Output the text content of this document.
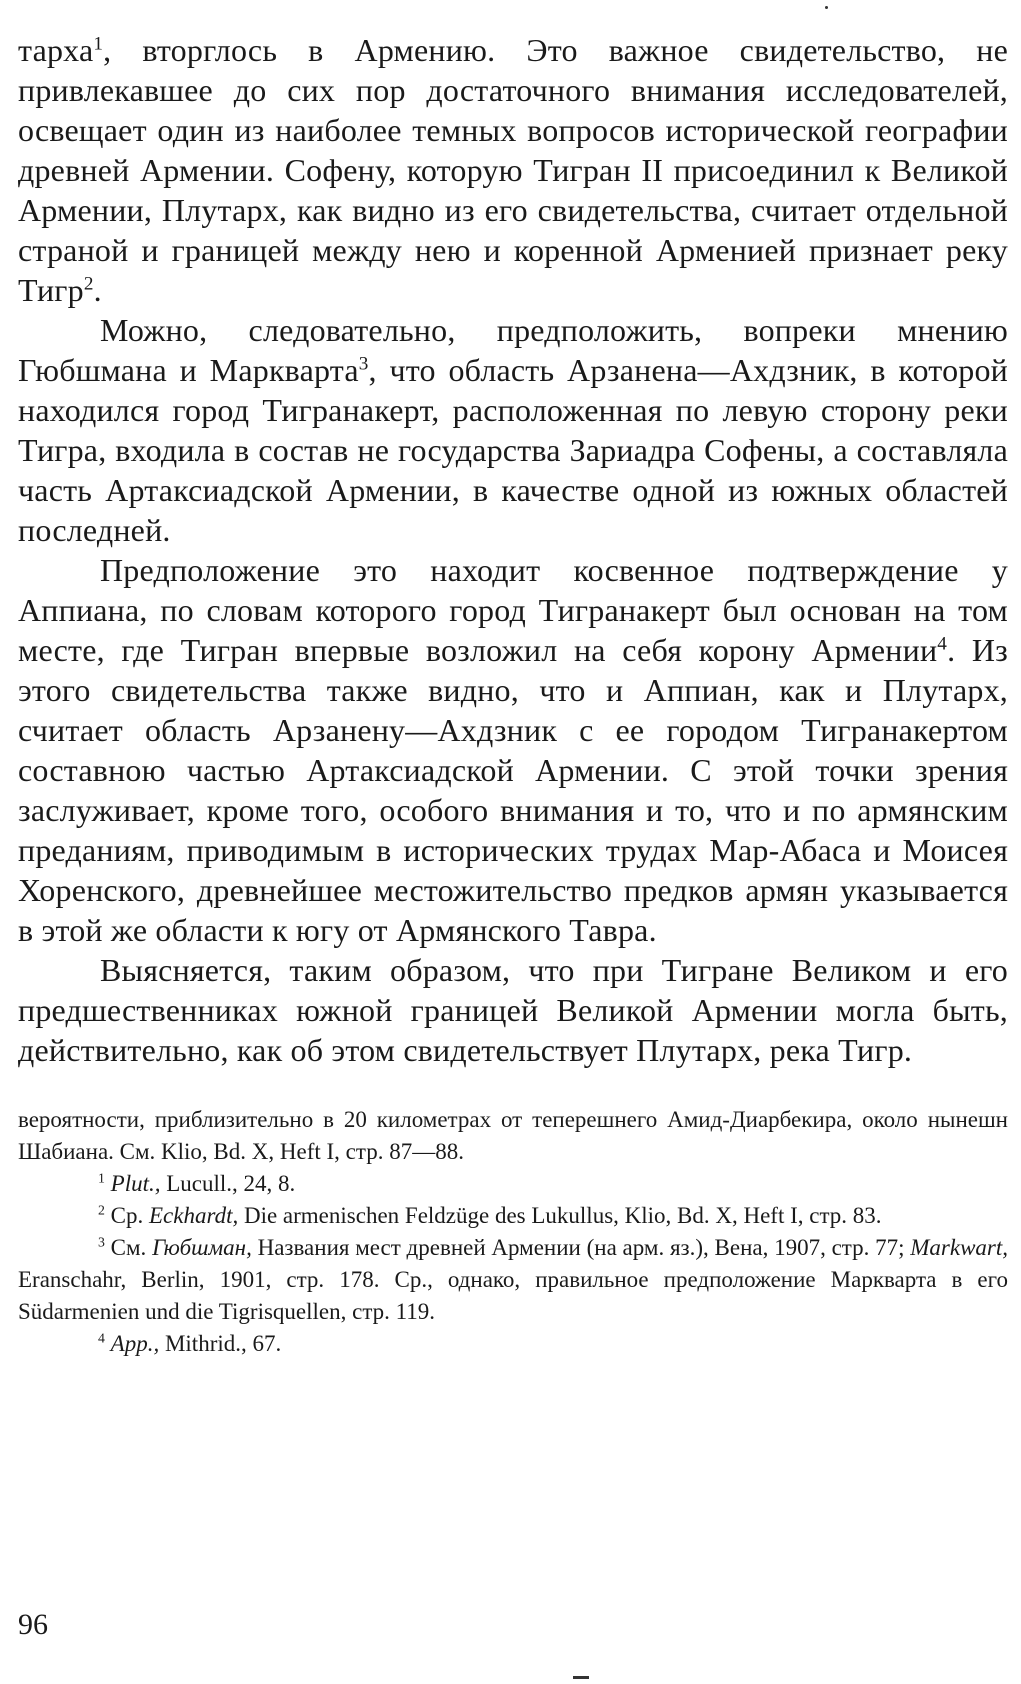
тарха$^1$, вторглось в Армению. Это важное свидетельство, не привлекавшее до сих пор достаточного внимания исследователей, освещает один из наиболее темных вопросов исторической географии древней Армении. Софену, которую Тигран II присоединил к Великой Армении, Плутарх, как видно из его свидетельства, считает отдельной страной и границей между нею и коренной Арменией признает реку Тигр$^2$.

Можно, следовательно, предположить, вопреки мнению Гюбшмана и Маркварта$^3$, что область Арзанена—Ахдзник, в которой находился город Тигранакерт, расположенная по левую сторону реки Тигра, входила в состав не государства Зариадра Софены, а составляла часть Артаксиадской Армении, в качестве одной из южных областей последней.

Предположение это находит косвенное подтверждение у Аппиана, по словам которого город Тигранакерт был основан на том месте, где Тигран впервые возложил на себя корону Армении$^4$. Из этого свидетельства также видно, что и Аппиан, как и Плутарх, считает область Арзанену—Ахдзник с ее городом Тигранакертом составною частью Артаксиадской Армении. С этой точки зрения заслуживает, кроме того, особого внимания и то, что и по армянским преданиям, приводимым в исторических трудах Мар-Абаса и Моисея Хоренского, древнейшее местожительство предков армян указывается в этой же области к югу от Армянского Тавра.

Выясняется, таким образом, что при Тигране Великом и его предшественниках южной границей Великой Армении могла быть, действительно, как об этом свидетельствует Плутарх, река Тигр.

вероятности, приблизительно в 20 километрах от теперешнего Амид-Диарбекира, около нынешн Шабиана. См. Klio, Bd. X, Heft I, стр. 87—88.

$^1$ Plut., Lucull., 24, 8.

$^2$ Ср. Eckhardt, Die armenischen Feldzüge des Lukullus, Klio, Bd. X, Heft I, стр. 83.

$^3$ См. Гюбшман, Названия мест древней Армении (на арм. яз.), Вена, 1907, стр. 77; Markwart, Eranschahr, Berlin, 1901, стр. 178. Ср., однако, правильное предположение Маркварта в его Südarmenien und die Tigrisquellen, стр. 119.

$^4$ App., Mithrid., 67.

96
